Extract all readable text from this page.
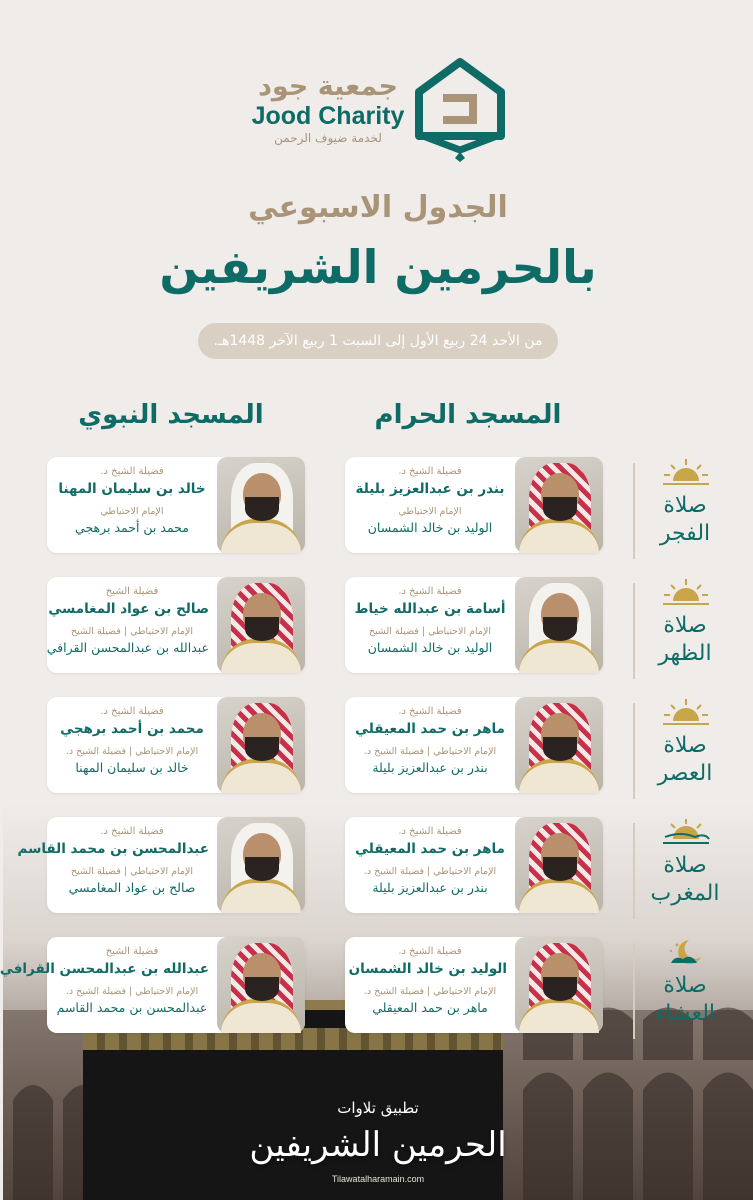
جمعية جود
Jood Charity
لخدمة ضيوف الرحمن
الجدول الاسبوعي
بالحرمين الشريفين
من الأحد 24 ربيع الأول إلى السبت 1 ربيع الآخر 1448هـ.
المسجد الحرام
المسجد النبوي
صلاة
الفجر
فضيلة الشيخ د.
بندر بن عبدالعزيز بليلة
الإمام الاحتياطي
الوليد بن خالد الشمسان
فضيلة الشيخ د.
خالد بن سليمان المهنا
الإمام الاحتياطي
محمد بن أحمد برهجي
صلاة
الظهر
فضيلة الشيخ د.
أسامة بن عبدالله خياط
الإمام الاحتياطي | فضيلة الشيخ
الوليد بن خالد الشمسان
فضيلة الشيخ
صالح بن عواد المغامسي
الإمام الاحتياطي | فضيلة الشيخ
عبدالله بن عبدالمحسن القرافي
صلاة
العصر
فضيلة الشيخ د.
ماهر بن حمد المعيقلي
الإمام الاحتياطي | فضيلة الشيخ د.
بندر بن عبدالعزيز بليلة
فضيلة الشيخ د.
محمد بن أحمد برهجي
الإمام الاحتياطي | فضيلة الشيخ د.
خالد بن سليمان المهنا
صلاة
المغرب
فضيلة الشيخ د.
ماهر بن حمد المعيقلي
الإمام الاحتياطي | فضيلة الشيخ د.
بندر بن عبدالعزيز بليلة
فضيلة الشيخ د.
عبدالمحسن بن محمد القاسم
الإمام الاحتياطي | فضيلة الشيخ
صالح بن عواد المغامسي
صلاة
العشاء
فضيلة الشيخ د.
الوليد بن خالد الشمسان
الإمام الاحتياطي | فضيلة الشيخ د.
ماهر بن حمد المعيقلي
فضيلة الشيخ
عبدالله بن عبدالمحسن القرافي
الإمام الاحتياطي | فضيلة الشيخ د.
عبدالمحسن بن محمد القاسم
تطبيق تلاوات
الحرمين الشريفين
Tilawatalharamain.com
